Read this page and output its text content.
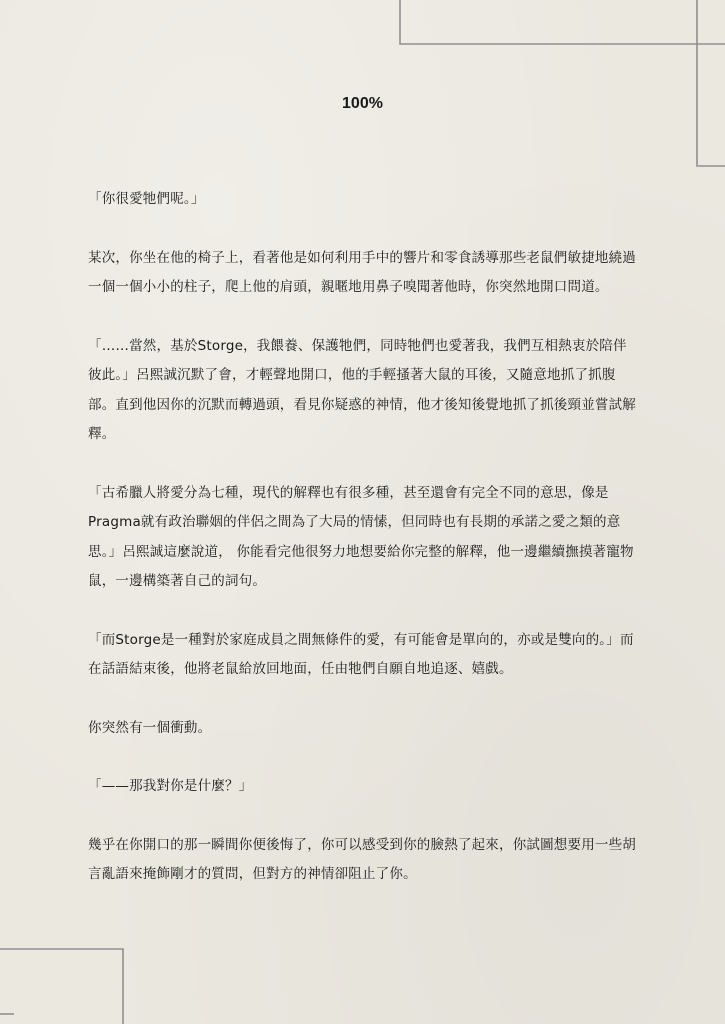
100%

「你很愛牠們呢。」

某次，你坐在他的椅子上，看著他是如何利用手中的響片和零食誘導那些老鼠們敏捷地繞過一個一個小小的柱子，爬上他的肩頭，親暱地用鼻子嗅聞著他時，你突然地開口問道。

「……當然，基於Storge，我餵養、保護牠們，同時牠們也愛著我，我們互相熱衷於陪伴彼此。」呂熙誠沉默了會，才輕聲地開口，他的手輕搔著大鼠的耳後，又隨意地抓了抓腹部。直到他因你的沉默而轉過頭，看見你疑惑的神情，他才後知後覺地抓了抓後頸並嘗試解釋。

「古希臘人將愛分為七種，現代的解釋也有很多種，甚至還會有完全不同的意思，像是Pragma就有政治聯姻的伴侶之間為了大局的情愫，但同時也有長期的承諾之愛之類的意思。」呂熙誠這麼說道， 你能看完他很努力地想要給你完整的解釋，他一邊繼續撫摸著寵物鼠，一邊構築著自己的詞句。

「而Storge是一種對於家庭成員之間無條件的愛，有可能會是單向的，亦或是雙向的。」而在話語結束後，他將老鼠給放回地面，任由牠們自願自地追逐、嬉戲。

你突然有一個衝動。

「——那我對你是什麼？」

幾乎在你開口的那一瞬間你便後悔了，你可以感受到你的臉熱了起來，你試圖想要用一些胡言亂語來掩飾剛才的質問，但對方的神情卻阻止了你。
